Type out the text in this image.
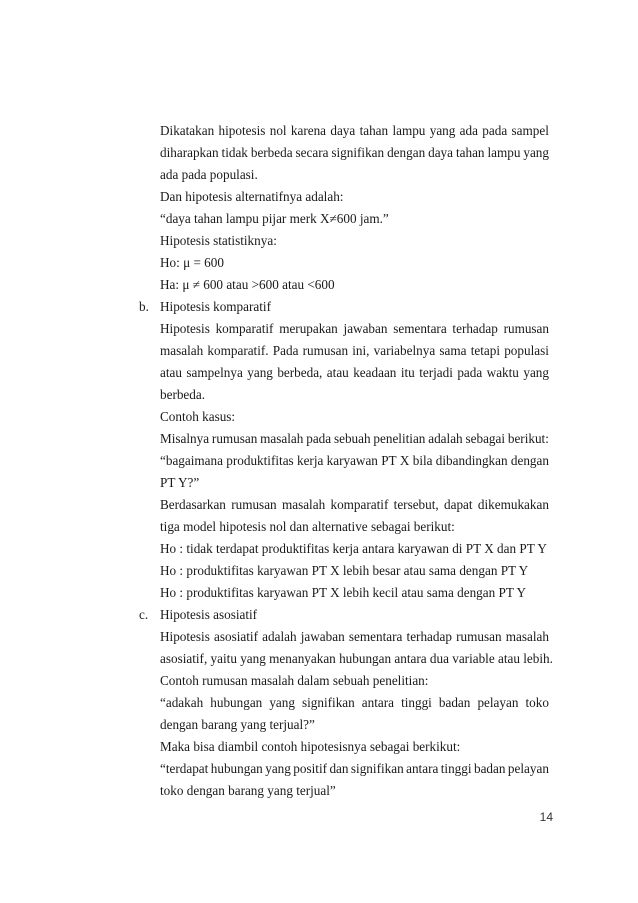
Dikatakan hipotesis nol karena daya tahan lampu yang ada pada sampel
diharapkan tidak berbeda secara signifikan dengan daya tahan lampu yang
ada pada populasi.
Dan hipotesis alternatifnya adalah:
“daya tahan lampu pijar merk X≠600 jam.”
Hipotesis statistiknya:
Ho: μ = 600
Ha: μ ≠ 600 atau >600 atau <600
b. Hipotesis komparatif
Hipotesis komparatif merupakan jawaban sementara terhadap rumusan
masalah komparatif. Pada rumusan ini, variabelnya sama tetapi populasi
atau sampelnya yang berbeda, atau keadaan itu terjadi pada waktu yang
berbeda.
Contoh kasus:
Misalnya rumusan masalah pada sebuah penelitian adalah sebagai berikut:
“bagaimana produktifitas kerja karyawan PT X bila dibandingkan dengan
PT Y?”
Berdasarkan rumusan masalah komparatif tersebut, dapat dikemukakan
tiga model hipotesis nol dan alternative sebagai berikut:
Ho : tidak terdapat produktifitas kerja antara karyawan di PT X dan PT Y
Ho : produktifitas karyawan PT X lebih besar atau sama dengan PT Y
Ho : produktifitas karyawan PT X lebih kecil atau sama dengan PT Y
c. Hipotesis asosiatif
Hipotesis asosiatif adalah jawaban sementara terhadap rumusan masalah
asosiatif, yaitu yang menanyakan hubungan antara dua variable atau lebih.
Contoh rumusan masalah dalam sebuah penelitian:
“adakah hubungan yang signifikan antara tinggi badan pelayan toko
dengan barang yang terjual?”
Maka bisa diambil contoh hipotesisnya sebagai berkikut:
“terdapat hubungan yang positif dan signifikan antara tinggi badan pelayan
toko dengan barang yang terjual”
14
